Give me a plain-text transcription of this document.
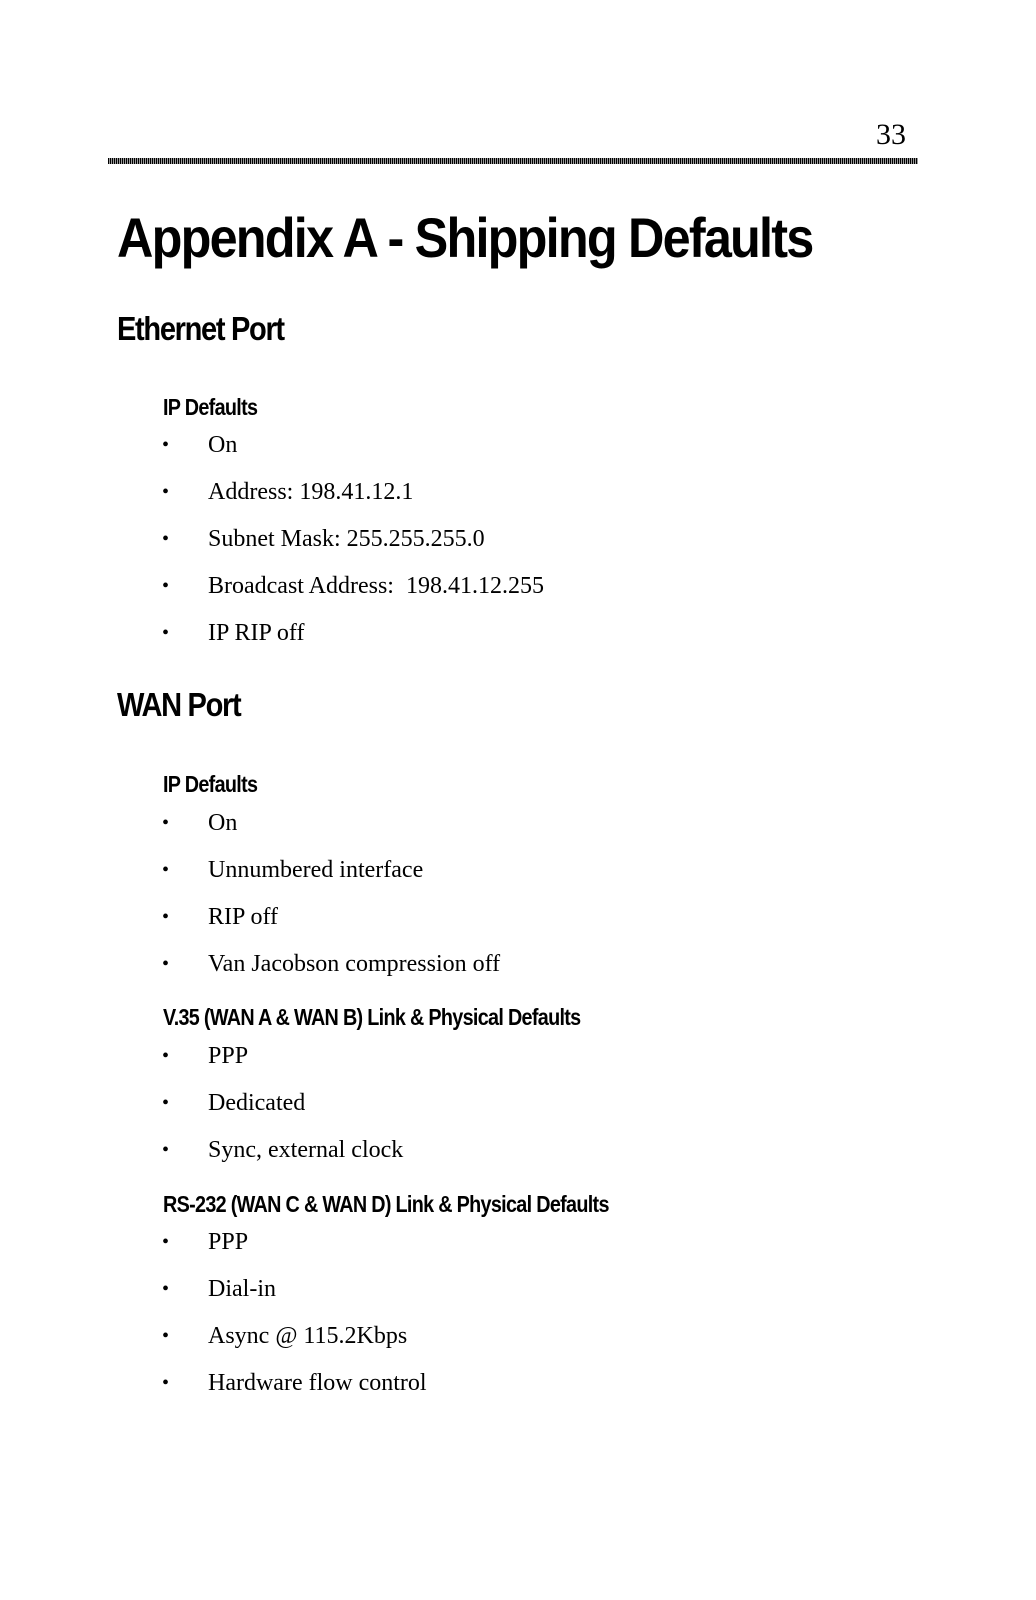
33
Appendix A - Shipping Defaults
Ethernet Port
IP Defaults
• On
• Address: 198.41.12.1
• Subnet Mask: 255.255.255.0
• Broadcast Address:  198.41.12.255
• IP RIP off
WAN Port
IP Defaults
• On
• Unnumbered interface
• RIP off
• Van Jacobson compression off
V.35 (WAN A & WAN B) Link & Physical Defaults
• PPP
• Dedicated
• Sync, external clock
RS-232 (WAN C & WAN D) Link & Physical Defaults
• PPP
• Dial-in
• Async @ 115.2Kbps
• Hardware flow control
